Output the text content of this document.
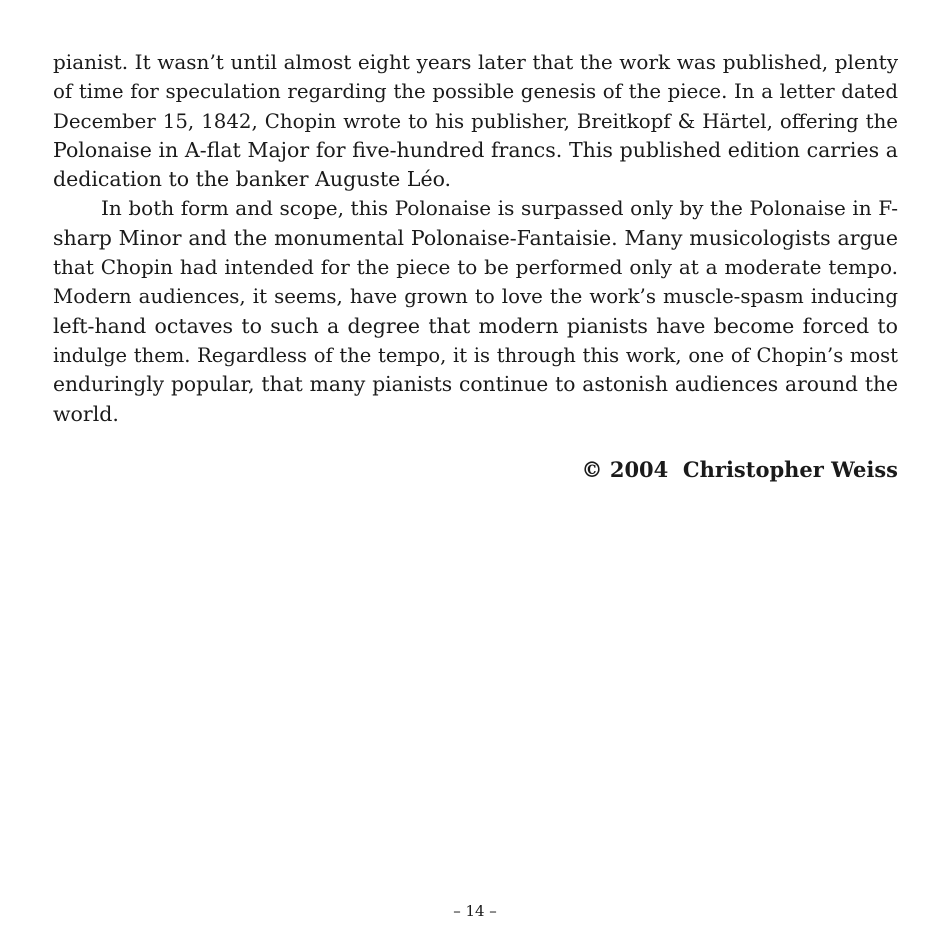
pianist. It wasn’t until almost eight years later that the work was published, plenty
of time for speculation regarding the possible genesis of the piece. In a letter dated
December 15, 1842, Chopin wrote to his publisher, Breitkopf & Härtel, offering the
Polonaise in A-flat Major for five-hundred francs. This published edition carries a
dedication to the banker Auguste Léo.
In both form and scope, this Polonaise is surpassed only by the Polonaise in F-
sharp Minor and the monumental Polonaise-Fantaisie. Many musicologists argue
that Chopin had intended for the piece to be performed only at a moderate tempo.
Modern audiences, it seems, have grown to love the work’s muscle-spasm inducing
left-hand octaves to such a degree that modern pianists have become forced to
indulge them. Regardless of the tempo, it is through this work, one of Chopin’s most
enduringly popular, that many pianists continue to astonish audiences around the
world.
© 2004  Christopher Weiss
– 14 –
